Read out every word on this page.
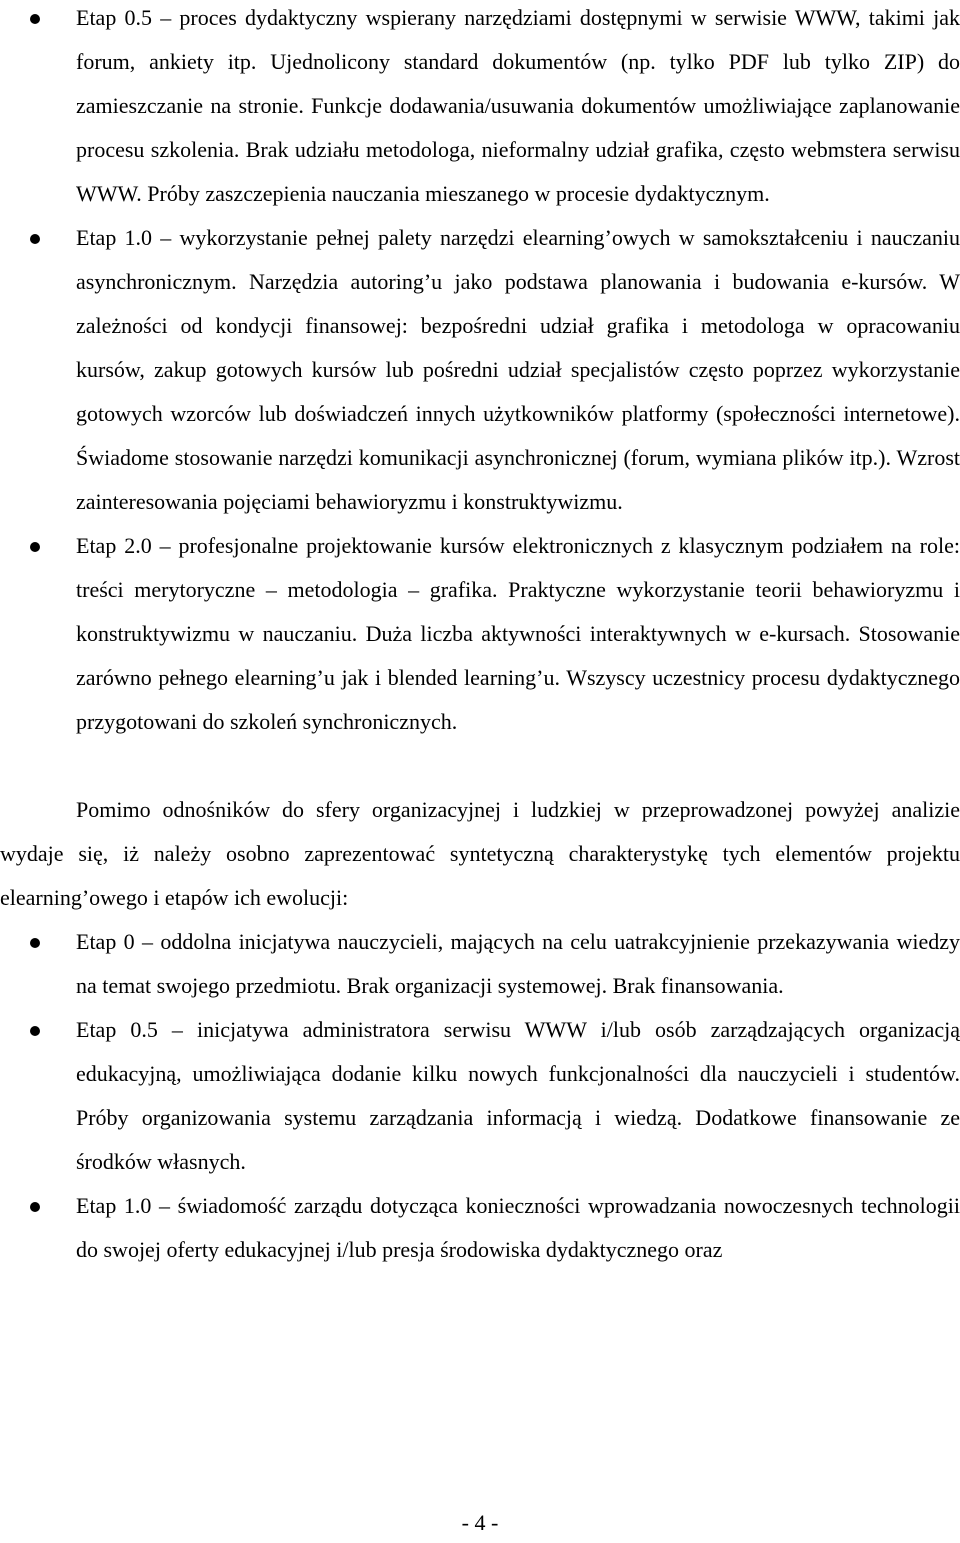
Etap 0.5 – proces dydaktyczny wspierany narzędziami dostępnymi w serwisie WWW, takimi jak forum, ankiety itp. Ujednolicony standard dokumentów (np. tylko PDF lub tylko ZIP) do zamieszczanie na stronie. Funkcje dodawania/usuwania dokumentów umożliwiające zaplanowanie procesu szkolenia. Brak udziału metodologa, nieformalny udział grafika, często webmstera serwisu WWW. Próby zaszczepienia nauczania mieszanego w procesie dydaktycznym.
Etap 1.0 – wykorzystanie pełnej palety narzędzi elearning’owych w samokształceniu i nauczaniu asynchronicznym. Narzędzia autoring’u jako podstawa planowania i budowania e-kursów. W zależności od kondycji finansowej: bezpośredni udział grafika i metodologa w opracowaniu kursów, zakup gotowych kursów lub pośredni udział specjalistów często poprzez wykorzystanie gotowych wzorców lub doświadczeń innych użytkowników platformy (społeczności internetowe). Świadome stosowanie narzędzi komunikacji asynchronicznej (forum, wymiana plików itp.). Wzrost zainteresowania pojęciami behawioryzmu i konstruktywizmu.
Etap 2.0 – profesjonalne projektowanie kursów elektronicznych z klasycznym podziałem na role: treści merytoryczne – metodologia – grafika. Praktyczne wykorzystanie teorii behawioryzmu i konstruktywizmu w nauczaniu. Duża liczba aktywności interaktywnych w e-kursach. Stosowanie zarówno pełnego elearning’u jak i blended learning’u. Wszyscy uczestnicy procesu dydaktycznego przygotowani do szkoleń synchronicznych.

Pomimo odnośników do sfery organizacyjnej i ludzkiej w przeprowadzonej powyżej analizie wydaje się, iż należy osobno zaprezentować syntetyczną charakterystykę tych elementów projektu elearning’owego i etapów ich ewolucji:

Etap 0 – oddolna inicjatywa nauczycieli, mających na celu uatrakcyjnienie przekazywania wiedzy na temat swojego przedmiotu. Brak organizacji systemowej. Brak finansowania.
Etap 0.5 – inicjatywa administratora serwisu WWW i/lub osób zarządzających organizacją edukacyjną, umożliwiająca dodanie kilku nowych funkcjonalności dla nauczycieli i studentów. Próby organizowania systemu zarządzania informacją i wiedzą. Dodatkowe finansowanie ze środków własnych.
Etap 1.0 – świadomość zarządu dotycząca konieczności wprowadzania nowoczesnych technologii do swojej oferty edukacyjnej i/lub presja środowiska dydaktycznego oraz
- 4 -
